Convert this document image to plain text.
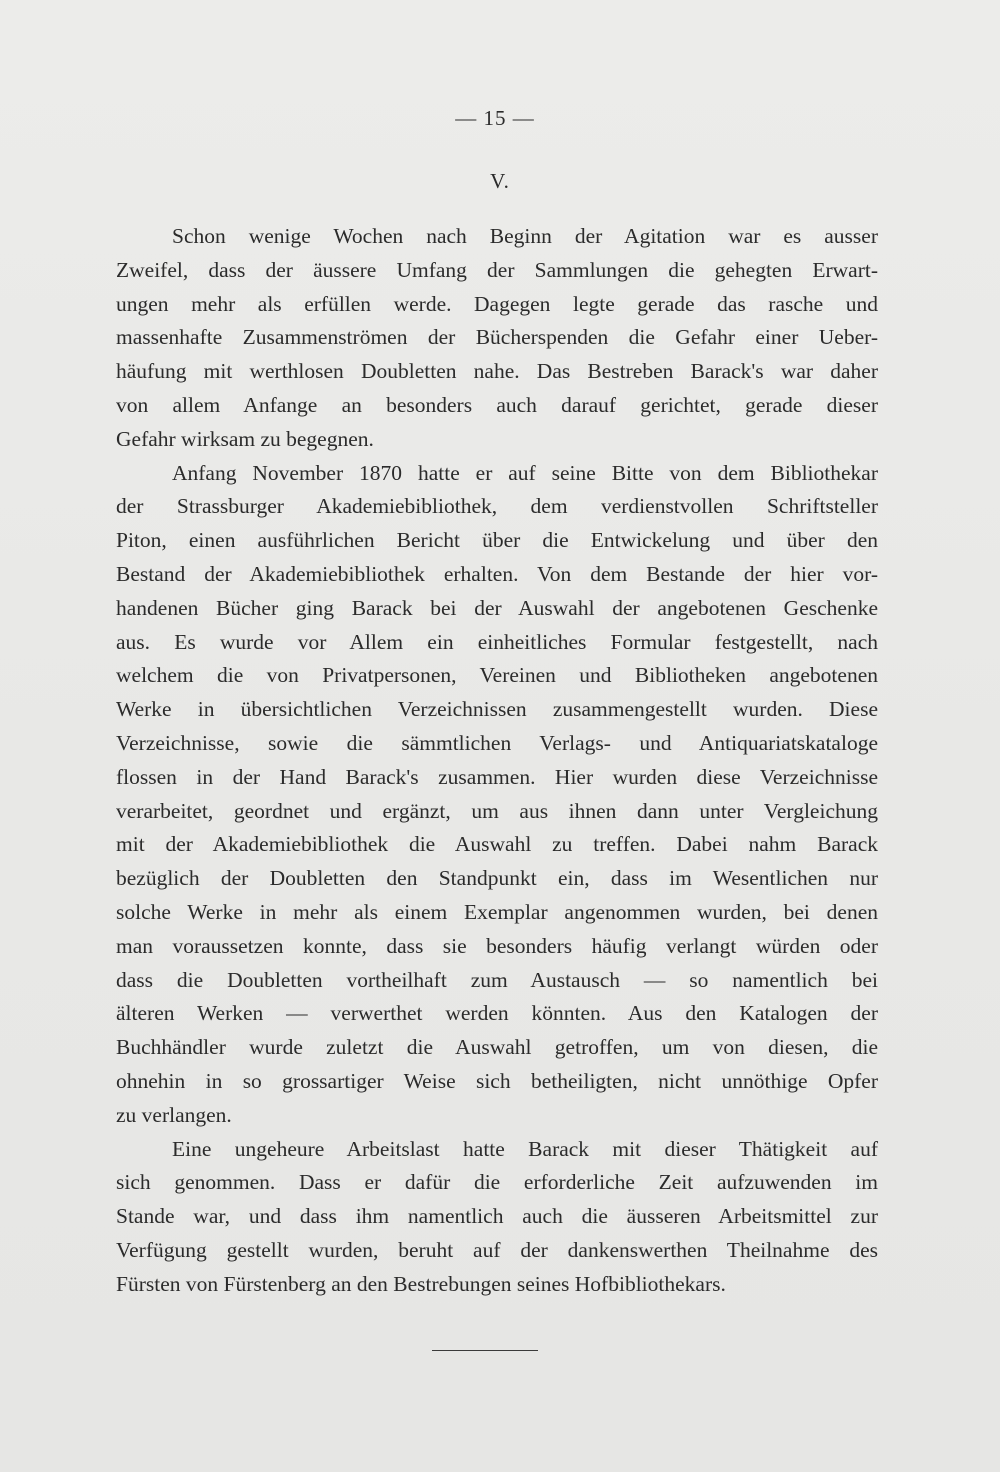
— 15 —
V.
Schon wenige Wochen nach Beginn der Agitation war es ausser
Zweifel, dass der äussere Umfang der Sammlungen die gehegten Erwart-
ungen mehr als erfüllen werde. Dagegen legte gerade das rasche und
massenhafte Zusammenströmen der Bücherspenden die Gefahr einer Ueber-
häufung mit werthlosen Doubletten nahe. Das Bestreben Barack's war daher
von allem Anfange an besonders auch darauf gerichtet, gerade dieser
Gefahr wirksam zu begegnen.
Anfang November 1870 hatte er auf seine Bitte von dem Bibliothekar
der Strassburger Akademiebibliothek, dem verdienstvollen Schriftsteller
Piton, einen ausführlichen Bericht über die Entwickelung und über den
Bestand der Akademiebibliothek erhalten. Von dem Bestande der hier vor-
handenen Bücher ging Barack bei der Auswahl der angebotenen Geschenke
aus. Es wurde vor Allem ein einheitliches Formular festgestellt, nach
welchem die von Privatpersonen, Vereinen und Bibliotheken angebotenen
Werke in übersichtlichen Verzeichnissen zusammengestellt wurden. Diese
Verzeichnisse, sowie die sämmtlichen Verlags- und Antiquariatskataloge
flossen in der Hand Barack's zusammen. Hier wurden diese Verzeichnisse
verarbeitet, geordnet und ergänzt, um aus ihnen dann unter Vergleichung
mit der Akademiebibliothek die Auswahl zu treffen. Dabei nahm Barack
bezüglich der Doubletten den Standpunkt ein, dass im Wesentlichen nur
solche Werke in mehr als einem Exemplar angenommen wurden, bei denen
man voraussetzen konnte, dass sie besonders häufig verlangt würden oder
dass die Doubletten vortheilhaft zum Austausch — so namentlich bei
älteren Werken — verwerthet werden könnten. Aus den Katalogen der
Buchhändler wurde zuletzt die Auswahl getroffen, um von diesen, die
ohnehin in so grossartiger Weise sich betheiligten, nicht unnöthige Opfer
zu verlangen.
Eine ungeheure Arbeitslast hatte Barack mit dieser Thätigkeit auf
sich genommen. Dass er dafür die erforderliche Zeit aufzuwenden im
Stande war, und dass ihm namentlich auch die äusseren Arbeitsmittel zur
Verfügung gestellt wurden, beruht auf der dankenswerthen Theilnahme des
Fürsten von Fürstenberg an den Bestrebungen seines Hofbibliothekars.
